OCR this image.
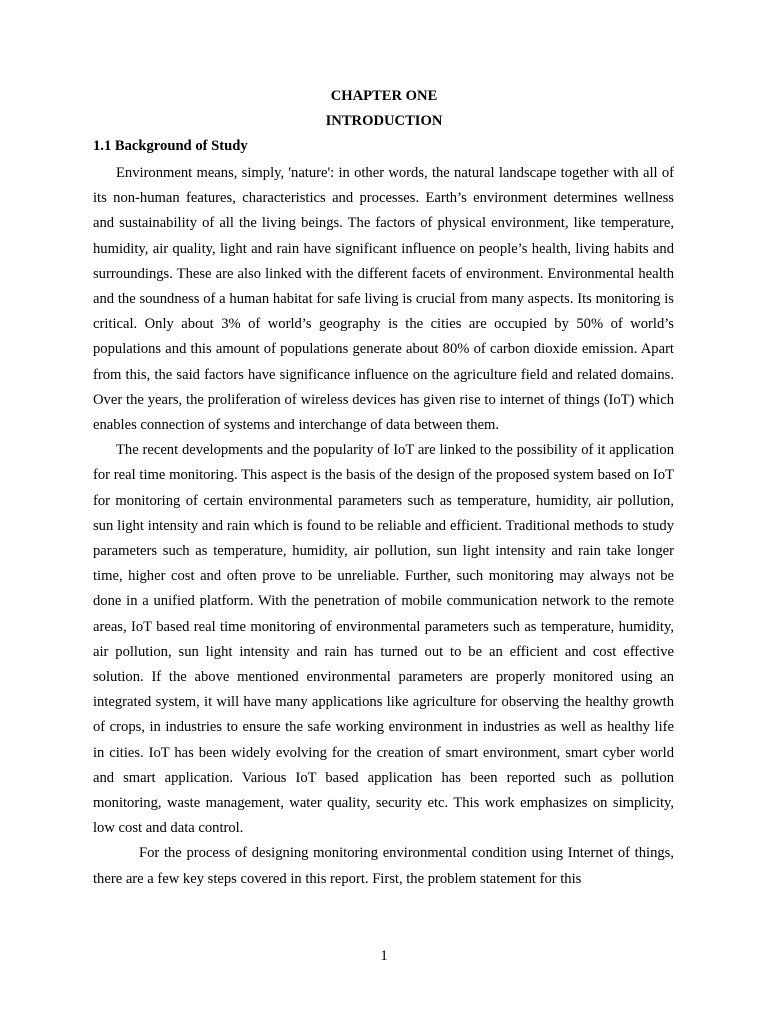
CHAPTER ONE
INTRODUCTION
1.1 Background of Study

Environment means, simply, 'nature': in other words, the natural landscape together with all of its non-human features, characteristics and processes. Earth’s environment determines wellness and sustainability of all the living beings. The factors of physical environment, like temperature, humidity, air quality, light and rain have significant influence on people’s health, living habits and surroundings. These are also linked with the different facets of environment. Environmental health and the soundness of a human habitat for safe living is crucial from many aspects. Its monitoring is critical. Only about 3% of world’s geography is the cities are occupied by 50% of world’s populations and this amount of populations generate about 80% of carbon dioxide emission. Apart from this, the said factors have significance influence on the agriculture field and related domains. Over the years, the proliferation of wireless devices has given rise to internet of things (IoT) which enables connection of systems and interchange of data between them.

The recent developments and the popularity of IoT are linked to the possibility of it application for real time monitoring. This aspect is the basis of the design of the proposed system based on IoT for monitoring of certain environmental parameters such as temperature, humidity, air pollution, sun light intensity and rain which is found to be reliable and efficient. Traditional methods to study parameters such as temperature, humidity, air pollution, sun light intensity and rain take longer time, higher cost and often prove to be unreliable. Further, such monitoring may always not be done in a unified platform. With the penetration of mobile communication network to the remote areas, IoT based real time monitoring of environmental parameters such as temperature, humidity, air pollution, sun light intensity and rain has turned out to be an efficient and cost effective solution. If the above mentioned environmental parameters are properly monitored using an integrated system, it will have many applications like agriculture for observing the healthy growth of crops, in industries to ensure the safe working environment in industries as well as healthy life in cities. IoT has been widely evolving for the creation of smart environment, smart cyber world and smart application. Various IoT based application has been reported such as pollution monitoring, waste management, water quality, security etc. This work emphasizes on simplicity, low cost and data control.

For the process of designing monitoring environmental condition using Internet of things, there are a few key steps covered in this report. First, the problem statement for this

1
